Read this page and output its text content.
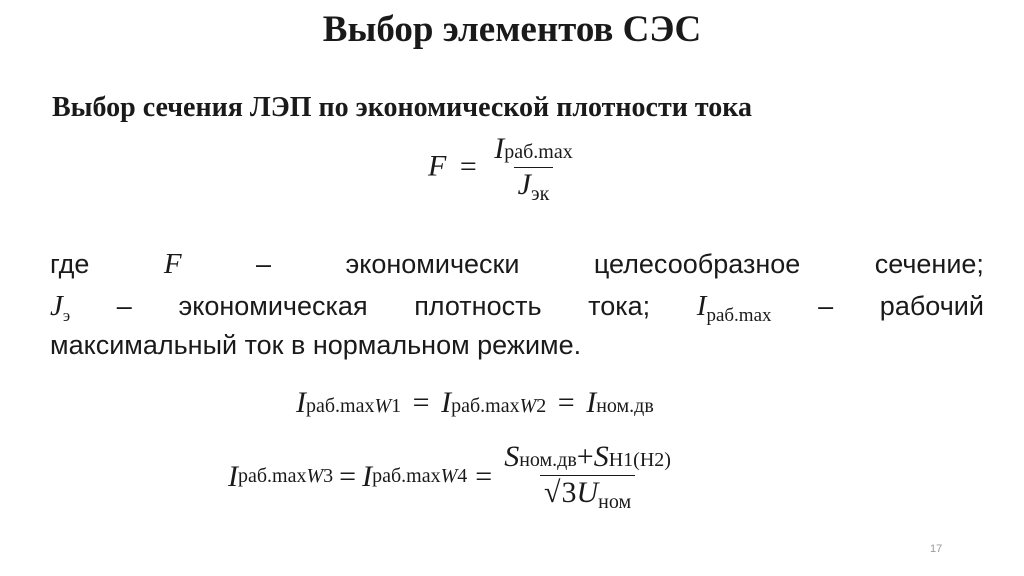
Выбор элементов СЭС
Выбор сечения ЛЭП по экономической плотности тока
$F = \frac{\text{Iраб.max}}{J_{эк}}$
где	F	–	экономически	целесообразное	сечение;
$J_э$ – экономическая плотность тока; $I_{раб.max}$ – рабочий
максимальный ток в нормальном режиме.
Iраб.maxW1 = Iраб.maxW2 = Iном.дв
I раб.max W 3 = I раб.max W $4 = \frac{\text{Sном.дв+SН1(Н2)}}{√3U_{ном}}$
17
